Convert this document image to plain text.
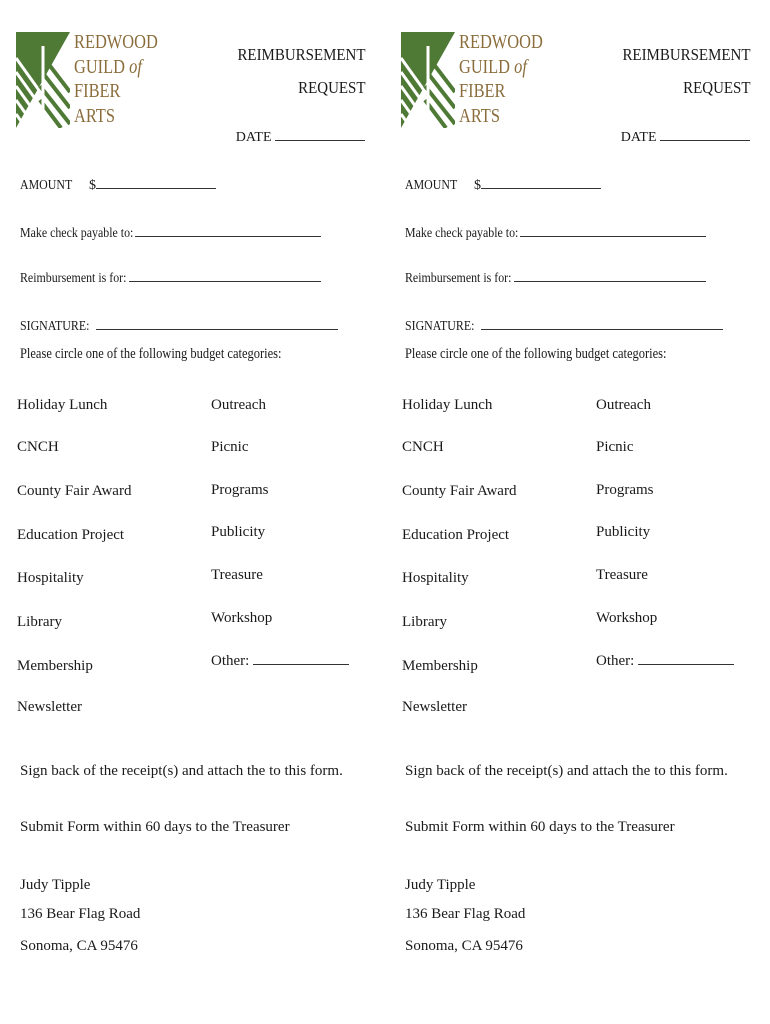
REDWOOD
GUILD of
FIBER
ARTS
REIMBURSEMENT
REQUEST
DATE
AMOUNT $
Make check payable to:
Reimbursement is for:
SIGNATURE:
Please circle one of the following budget categories:
Holiday Lunch
CNCH
County Fair Award
Education Project
Hospitality
Library
Membership
Newsletter
Outreach
Picnic
Programs
Publicity
Treasure
Workshop
Other:
Sign back of the receipt(s) and attach the to this form.
Submit Form within 60 days to the Treasurer
Judy Tipple
136 Bear Flag Road
Sonoma, CA 95476
REDWOOD
GUILD of
FIBER
ARTS
REIMBURSEMENT
REQUEST
DATE
AMOUNT $
Make check payable to:
Reimbursement is for:
SIGNATURE:
Please circle one of the following budget categories:
Holiday Lunch
CNCH
County Fair Award
Education Project
Hospitality
Library
Membership
Newsletter
Outreach
Picnic
Programs
Publicity
Treasure
Workshop
Other:
Sign back of the receipt(s) and attach the to this form.
Submit Form within 60 days to the Treasurer
Judy Tipple
136 Bear Flag Road
Sonoma, CA 95476
